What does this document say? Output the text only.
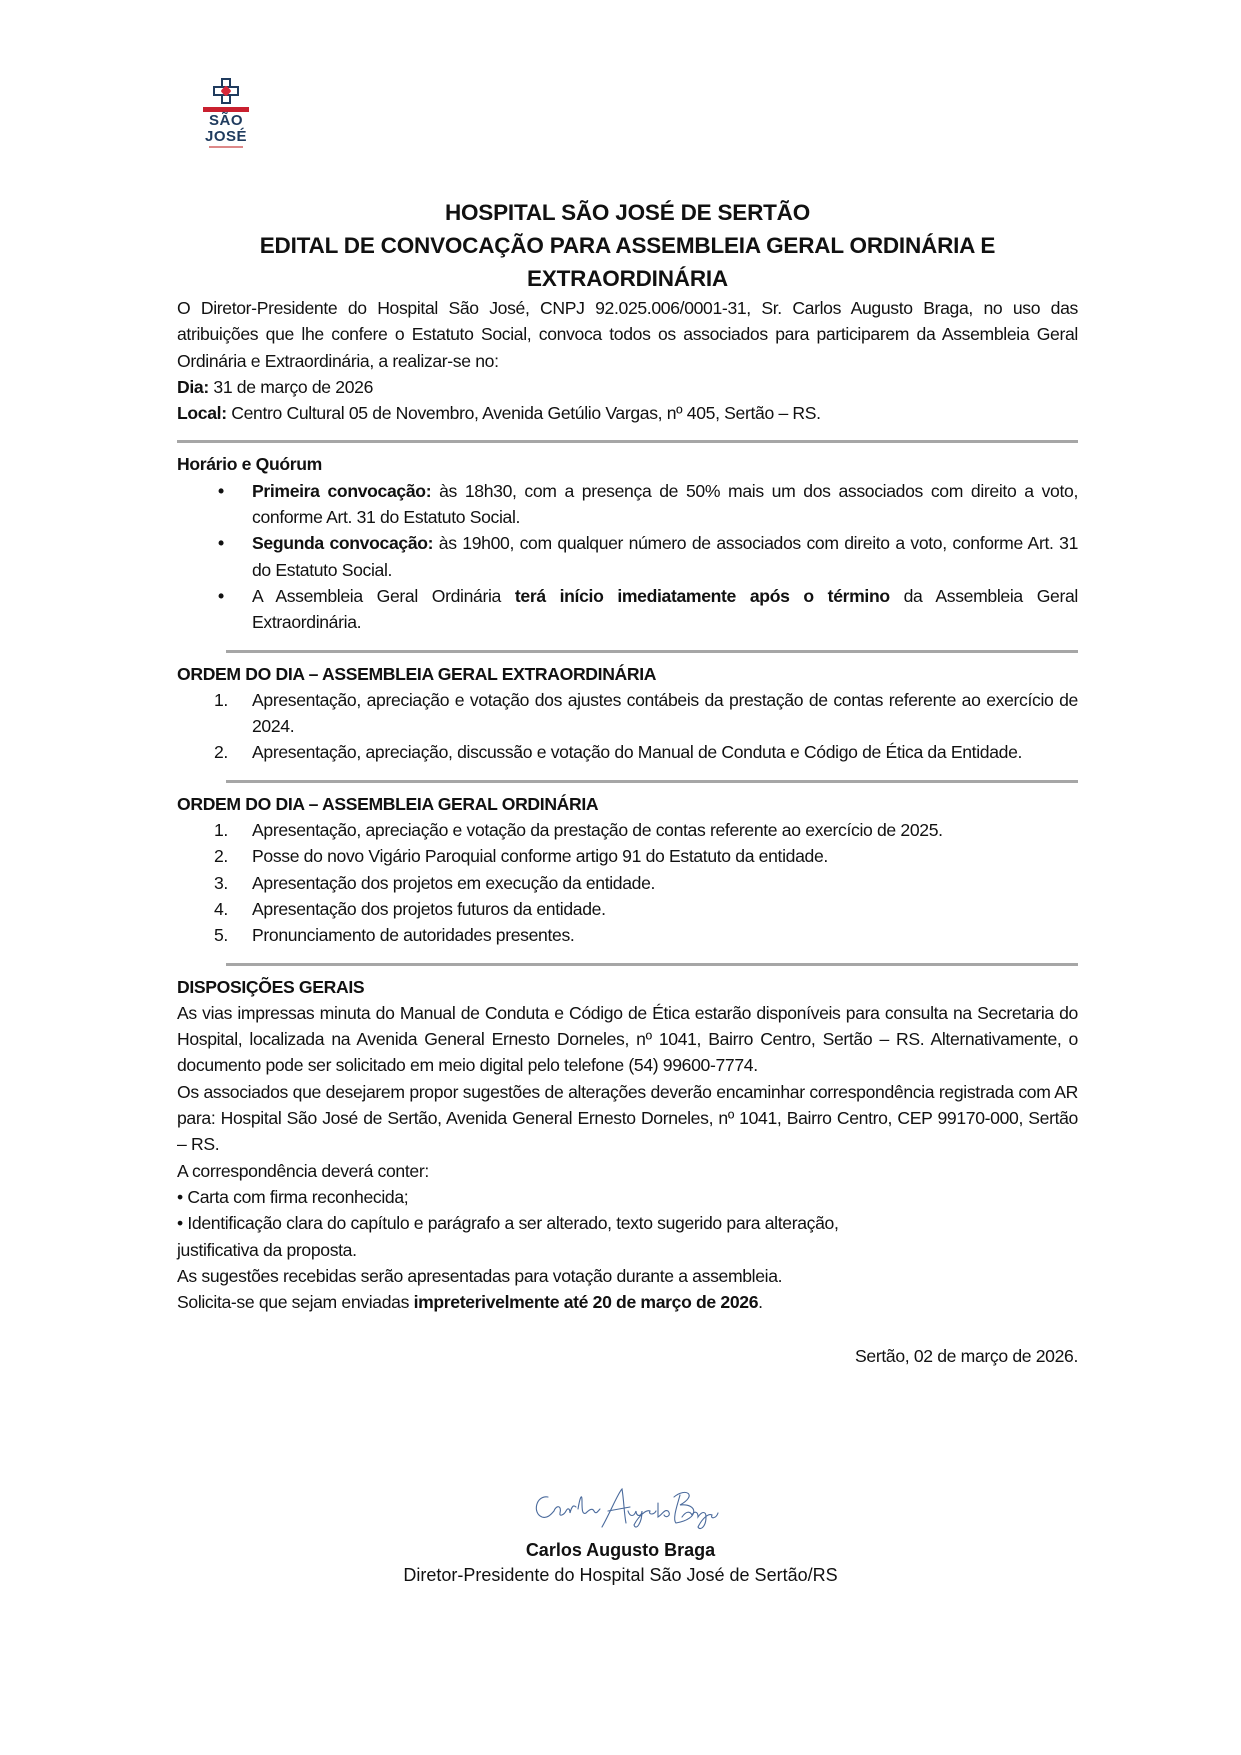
SÃO JOSÉ
HOSPITAL SÃO JOSÉ DE SERTÃO
EDITAL DE CONVOCAÇÃO PARA ASSEMBLEIA GERAL ORDINÁRIA E
EXTRAORDINÁRIA

O Diretor-Presidente do Hospital São José, CNPJ 92.025.006/0001-31, Sr. Carlos Augusto Braga, no uso das atribuições que lhe confere o Estatuto Social, convoca todos os associados para participarem da Assembleia Geral Ordinária e Extraordinária, a realizar-se no:

Dia: 31 de março de 2026

Local: Centro Cultural 05 de Novembro, Avenida Getúlio Vargas, nº 405, Sertão – RS.

Horário e Quórum

• Primeira convocação: às 18h30, com a presença de 50% mais um dos associados com direito a voto, conforme Art. 31 do Estatuto Social.
• Segunda convocação: às 19h00, com qualquer número de associados com direito a voto, conforme Art. 31 do Estatuto Social.
• A Assembleia Geral Ordinária terá início imediatamente após o término da Assembleia Geral Extraordinária.

ORDEM DO DIA – ASSEMBLEIA GERAL EXTRAORDINÁRIA

1. Apresentação, apreciação e votação dos ajustes contábeis da prestação de contas referente ao exercício de 2024.
2. Apresentação, apreciação, discussão e votação do Manual de Conduta e Código de Ética da Entidade.

ORDEM DO DIA – ASSEMBLEIA GERAL ORDINÁRIA

1. Apresentação, apreciação e votação da prestação de contas referente ao exercício de 2025.
2. Posse do novo Vigário Paroquial conforme artigo 91 do Estatuto da entidade.
3. Apresentação dos projetos em execução da entidade.
4. Apresentação dos projetos futuros da entidade.
5. Pronunciamento de autoridades presentes.

DISPOSIÇÕES GERAIS

As vias impressas minuta do Manual de Conduta e Código de Ética estarão disponíveis para consulta na Secretaria do Hospital, localizada na Avenida General Ernesto Dorneles, nº 1041, Bairro Centro, Sertão – RS. Alternativamente, o documento pode ser solicitado em meio digital pelo telefone (54) 99600-7774.

Os associados que desejarem propor sugestões de alterações deverão encaminhar correspondência registrada com AR para: Hospital São José de Sertão, Avenida General Ernesto Dorneles, nº 1041, Bairro Centro, CEP 99170-000, Sertão – RS.

A correspondência deverá conter:

• Carta com firma reconhecida;

• Identificação clara do capítulo e parágrafo a ser alterado, texto sugerido para alteração,

justificativa da proposta.

As sugestões recebidas serão apresentadas para votação durante a assembleia.

Solicita-se que sejam enviadas impreterivelmente até 20 de março de 2026.

Sertão, 02 de março de 2026.

Carlos Augusto Braga
Diretor-Presidente do Hospital São José de Sertão/RS
